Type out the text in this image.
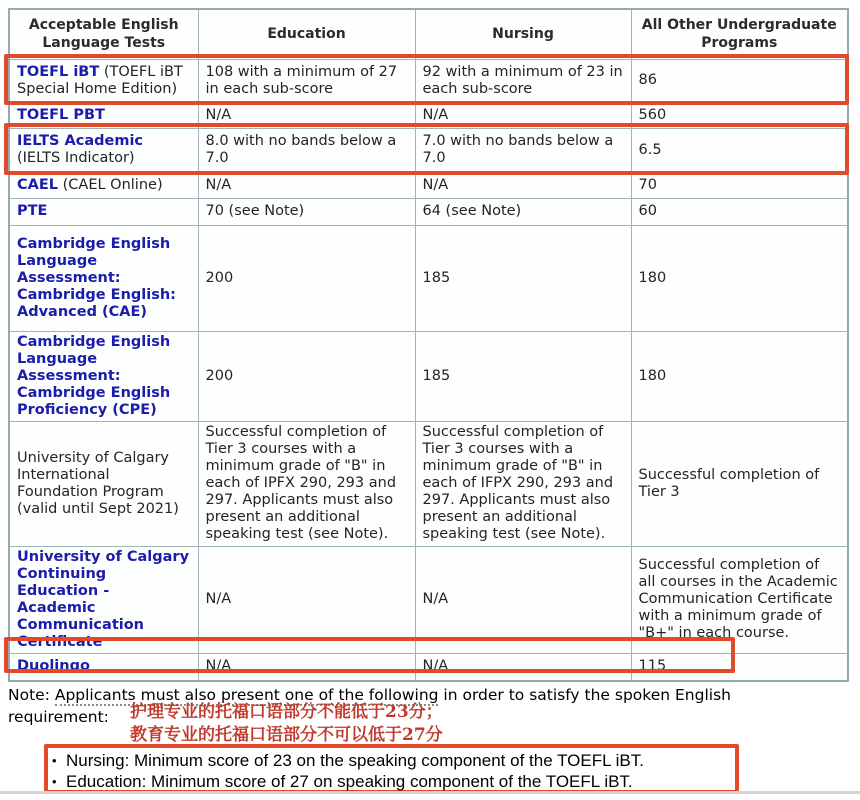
Acceptable English Language Tests	Education	Nursing	All Other Undergraduate Programs
TOEFL iBT (TOEFL iBT Special Home Edition)	108 with a minimum of 27 in each sub-score	92 with a minimum of 23 in each sub-score	86
TOEFL PBT	N/A	N/A	560
IELTS Academic (IELTS Indicator)	8.0 with no bands below a 7.0	7.0 with no bands below a 7.0	6.5
CAEL (CAEL Online)	N/A	N/A	70
PTE	70 (see Note)	64 (see Note)	60
Cambridge English Language Assessment: Cambridge English: Advanced (CAE)	200	185	180
Cambridge English Language Assessment: Cambridge English Proficiency (CPE)	200	185	180
University of Calgary International Foundation Program (valid until Sept 2021)	Successful completion of Tier 3 courses with a minimum grade of "B" in each of IPFX 290, 293 and 297. Applicants must also present an additional speaking test (see Note).	Successful completion of Tier 3 courses with a minimum grade of "B" in each of IFPX 290, 293 and 297. Applicants must also present an additional speaking test (see Note).	Successful completion of Tier 3
University of Calgary Continuing Education - Academic Communication Certificate	N/A	N/A	Successful completion of all courses in the Academic Communication Certificate with a minimum grade of "B+" in each course.
Duolingo	N/A	N/A	115
Note: Applicants must also present one of the following in order to satisfy the spoken English requirement:	护理专业的托福口语部分不能低于23分；
教育专业的托福口语部分不可以低于27分
• Nursing: Minimum score of 23 on the speaking component of the TOEFL iBT.
• Education: Minimum score of 27 on speaking component of the TOEFL iBT.
